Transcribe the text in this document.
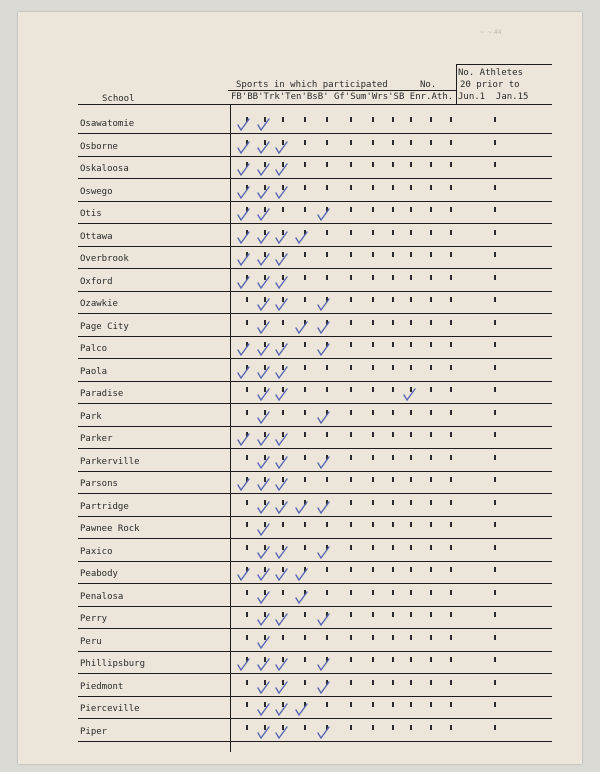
~ ~ 44
Sports in which participated	No.
No. Athletes
20 prior to
Jun.1  Jan.15
FB'BB'Trk'Ten'BsB' Gf'Sum'Wrs'SB Enr.Ath.
School
Osawatomie
Osborne
Oskaloosa
Oswego
Otis
Ottawa
Overbrook
Oxford
Ozawkie
Page City
Palco
Paola
Paradise
Park
Parker
Parkerville
Parsons
Partridge
Pawnee Rock
Paxico
Peabody
Penalosa
Perry
Peru
Phillipsburg
Piedmont
Pierceville
Piper
